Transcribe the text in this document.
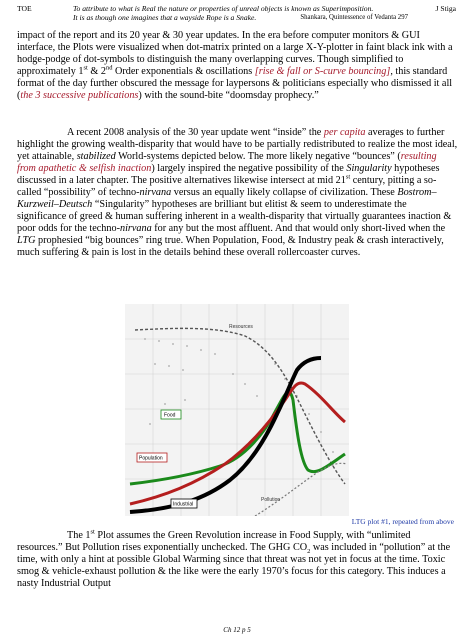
TOE	To attribute to what is Real the nature or properties of unreal objects is known as Superimposition.
It is as though one imagines that a wayside Rope is a Snake.	Shankara, Quintessence of Vedanta 297
J Stiga

impact of the report and its 20 year & 30 year updates. In the era before computer monitors & GUI interface, the Plots were visualized when dot-matrix printed on a large X-Y-plotter in faint black ink with a hodge-podge of dot-symbols to distinguish the many overlapping curves. Though simplified to approximately 1st & 2nd Order exponentials & oscillations [rise & fall or S-curve bouncing], this standard format of the day further obscured the message for laypersons & politicians especially who dismissed it all (the 3 successive publications) with the sound-bite “doomsday prophecy.”

A recent 2008 analysis of the 30 year update went “inside” the per capita averages to further highlight the growing wealth-disparity that would have to be partially redistributed to realize the most ideal, yet attainable, stabilized World-systems depicted below. The more likely negative “bounces” (resulting from apathetic & selfish inaction) largely inspired the negative possibility of the Singularity hypotheses discussed in a later chapter. The positive alternatives likewise intersect at mid 21st century, pitting a so-called “possibility” of techno-nirvana versus an equally likely collapse of civilization. These Bostrom–Kurzweil–Deutsch “Singularity” hypotheses are brilliant but elitist & seem to underestimate the significance of greed & human suffering inherent in a wealth-disparity that virtually guarantees inaction & poor odds for the techno-nirvana for any but the most affluent. And that would only short-lived when the LTG prophesied “big bounces” ring true. When Population, Food, & Industry peak & crash interactively, much suffering & pain is lost in the details behind these overall rollercoaster curves.

Resources
Food
Population
Industrial
Pollution
LTG plot #1, repeated from above

The 1st Plot assumes the Green Revolution increase in Food Supply, with “unlimited resources.” But Pollution rises exponentially unchecked. The GHG $CO_2$ was included in “pollution” at the time, with only a hint at possible Global Warming since that threat was not yet in focus at the time. Toxic smog & vehicle-exhaust pollution & the like were the early 1970’s focus for this category. This induces a nasty Industrial Output

Ch 12 p 5
